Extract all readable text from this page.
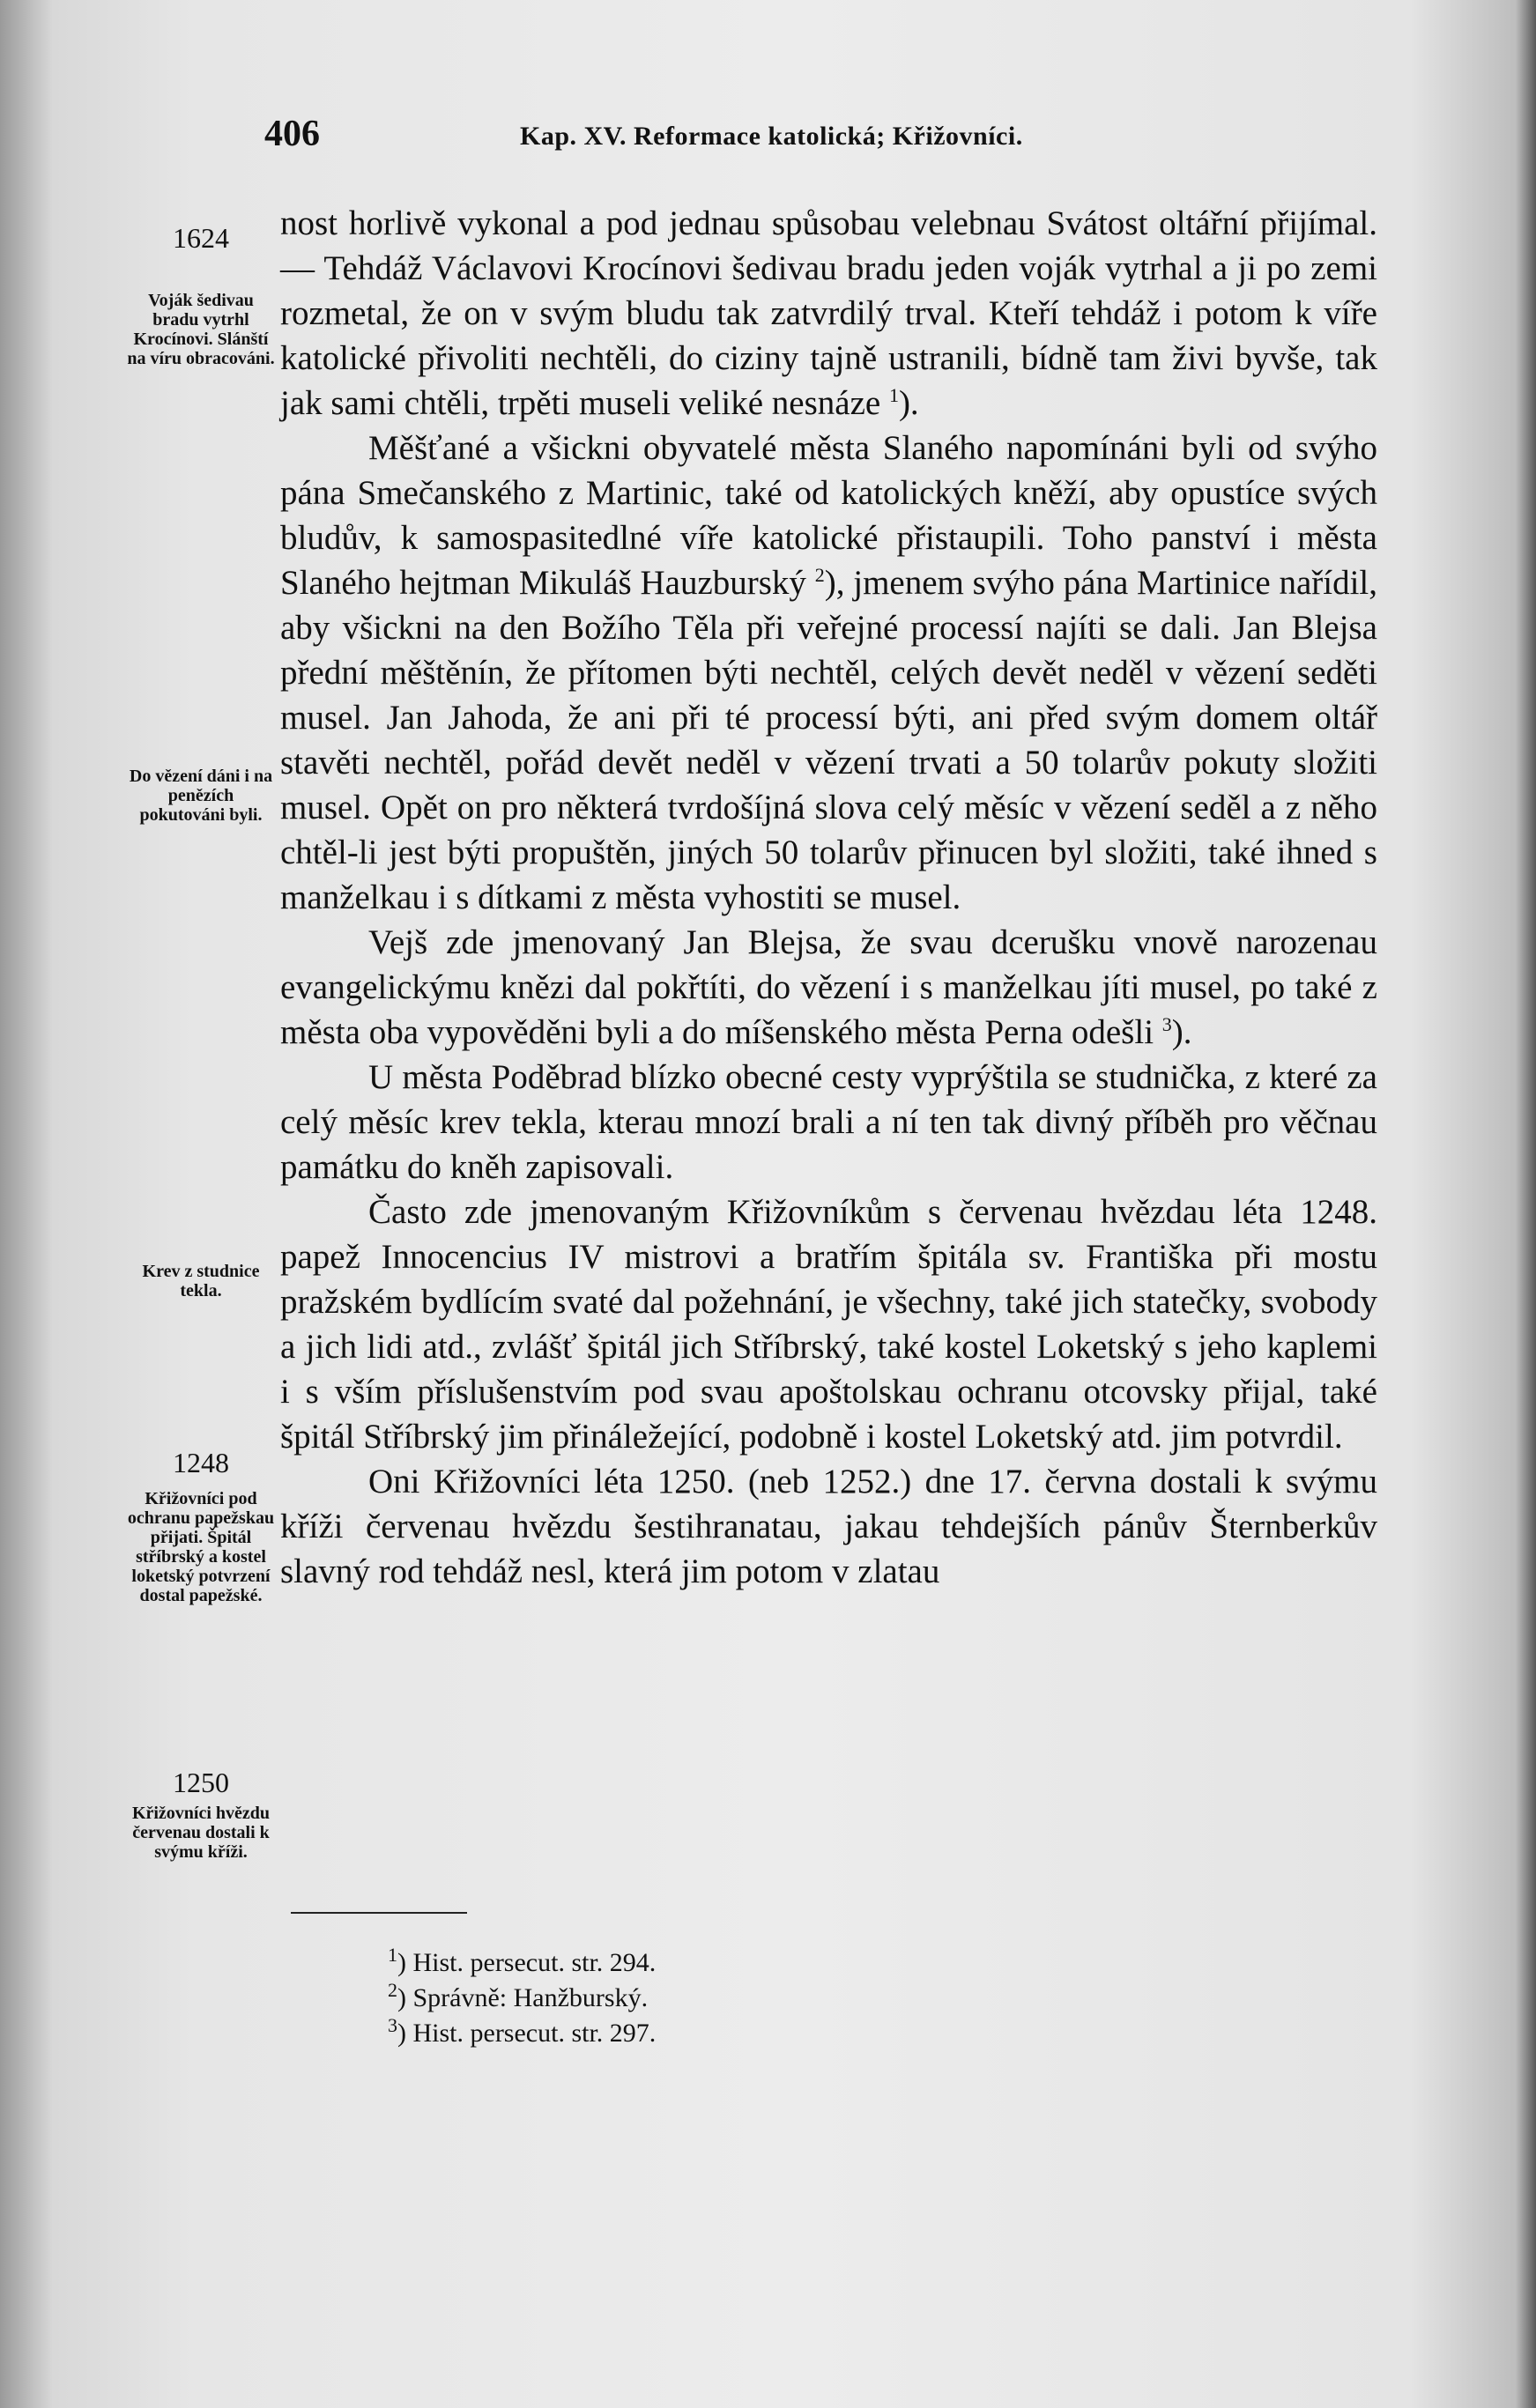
406	Kap. XV. Reformace katolická; Křižovníci.
1624
Voják šedivau bradu vytrhl Krocínovi. Slánští na víru obracováni.
Do vězení dáni i na penězích pokutováni byli.
Krev z studnice tekla.
1248
Křižovníci pod ochranu papežskau přijati. Špitál stříbrský a kostel loketský potvrzení dostal papežské.
1250
Křižovníci hvězdu červenau dostali k svýmu kříži.

nost horlivě vykonal a pod jednau spůsobau velebnau Svátost oltářní přijímal. — Tehdáž Václavovi Krocínovi šedivau bradu jeden voják vytrhal a ji po zemi rozmetal, že on v svým bludu tak zatvrdilý trval. Kteří tehdáž i potom k víře katolické přivoliti nechtěli, do ciziny tajně ustranili, bídně tam živi byvše, tak jak sami chtěli, trpěti museli veliké nesnáze $^1$).

Měšťané a všickni obyvatelé města Slaného napomínáni byli od svýho pána Smečanského z Martinic, také od katolických kněží, aby opustíce svých bludův, k samospasitedlné víře katolické přistaupili. Toho panství i města Slaného hejtman Mikuláš Hauzburský $^2$), jmenem svýho pána Martinice nařídil, aby všickni na den Božího Těla při veřejné processí najíti se dali. Jan Blejsa přední měštěnín, že přítomen býti nechtěl, celých devět neděl v vězení seděti musel. Jan Jahoda, že ani při té processí býti, ani před svým domem oltář stavěti nechtěl, pořád devět neděl v vězení trvati a 50 tolarův pokuty složiti musel. Opět on pro některá tvrdošíjná slova celý měsíc v vězení seděl a z něho chtěl-li jest býti propuštěn, jiných 50 tolarův přinucen byl složiti, také ihned s manželkau i s dítkami z města vyhostiti se musel.

Vejš zde jmenovaný Jan Blejsa, že svau dcerušku vnově narozenau evangelickýmu knězi dal pokřtíti, do vězení i s manželkau jíti musel, po také z města oba vypověděni byli a do míšenského města Perna odešli $^3$).

U města Poděbrad blízko obecné cesty vyprýštila se studnička, z které za celý měsíc krev tekla, kterau mnozí brali a ní ten tak divný příběh pro věčnau památku do kněh zapisovali.

Často zde jmenovaným Křižovníkům s červenau hvězdau léta 1248. papež Innocencius IV mistrovi a bratřím špitála sv. Františka při mostu pražském bydlícím svaté dal požehnání, je všechny, také jich statečky, svobody a jich lidi atd., zvlášť špitál jich Stříbrský, také kostel Loketský s jeho kaplemi i s vším příslušenstvím pod svau apoštolskau ochranu otcovsky přijal, také špitál Stříbrský jim přináležející, podobně i kostel Loketský atd. jim potvrdil.

Oni Křižovníci léta 1250. (neb 1252.) dne 17. června dostali k svýmu kříži červenau hvězdu šestihranatau, jakau tehdejších pánův Šternberkův slavný rod tehdáž nesl, která jim potom v zlatau

$^1$) Hist. persecut. str. 294.
$^2$) Správně: Hanžburský.
$^3$) Hist. persecut. str. 297.
